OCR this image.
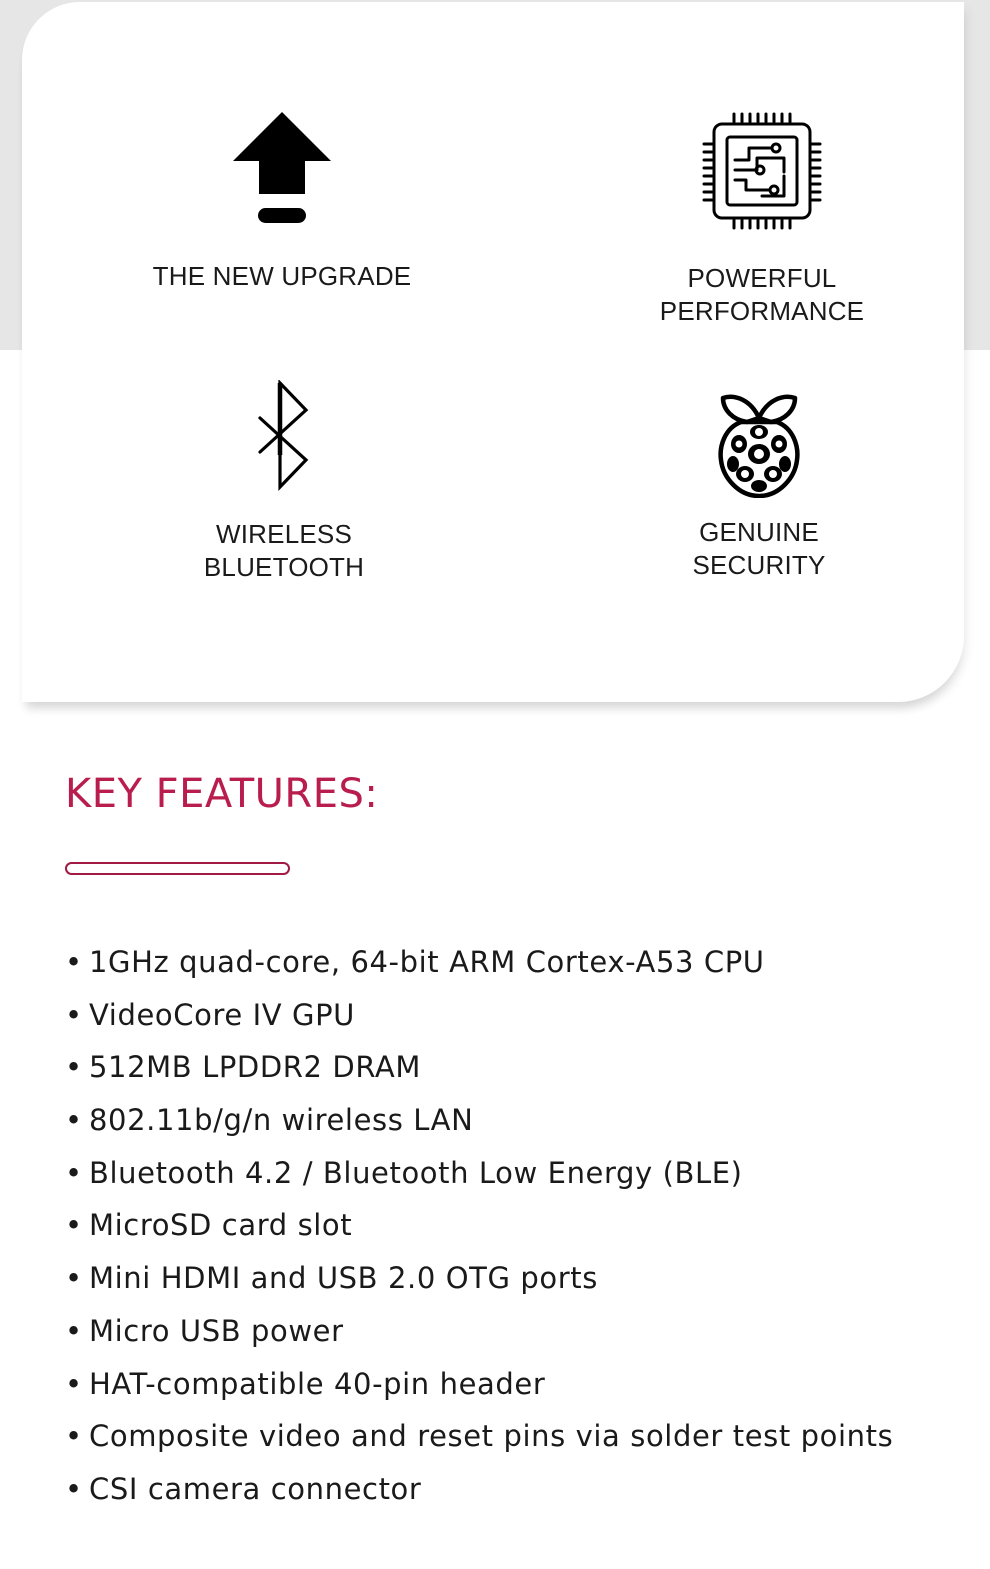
THE NEW UPGRADE	POWERFUL
PERFORMANCE
WIRELESS
BLUETOOTH
GENUINE
SECURITY
KEY FEATURES:
• 1GHz quad-core, 64-bit ARM Cortex-A53 CPU
• VideoCore IV GPU
• 512MB LPDDR2 DRAM
• 802.11b/g/n wireless LAN
• Bluetooth 4.2 / Bluetooth Low Energy (BLE)
• MicroSD card slot
• Mini HDMI and USB 2.0 OTG ports
• Micro USB power
• HAT-compatible 40-pin header
• Composite video and reset pins via solder test points
• CSI camera connector
